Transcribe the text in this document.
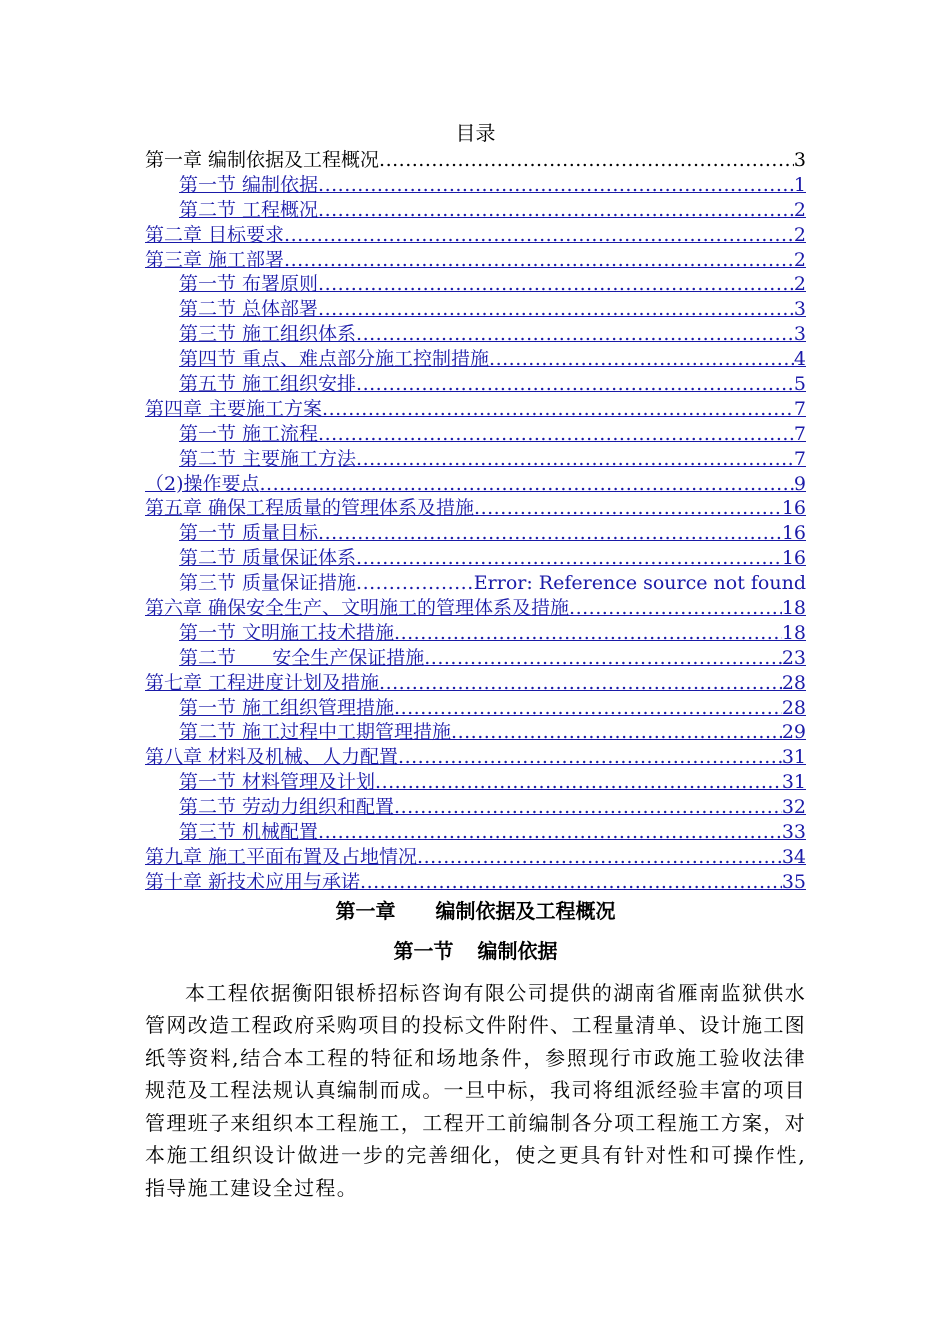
目录
第一章 编制依据及工程概况 .....	3
第一节 编制依据 .....	1
第二节 工程概况 .....	2
第二章 目标要求 .....	2
第三章 施工部署 .....	2
第一节 布署原则 .....	2
第二节 总体部署 .....	3
第三节 施工组织体系 .....	3
第四节 重点、难点部分施工控制措施 .....	4
第五节 施工组织安排 .....	5
第四章 主要施工方案 .....	7
第一节 施工流程 .....	7
第二节 主要施工方法 .....	7
（2)操作要点 .....	9
第五章 确保工程质量的管理体系及措施 .....	16
第一节 质量目标 .....	16
第二节 质量保证体系 .....	16
第三节 质量保证措施 .....	Error: Reference source not found
第六章 确保安全生产、文明施工的管理体系及措施 .....	18
第一节 文明施工技术措施 .....	18
第二节      安全生产保证措施 .....	23
第七章 工程进度计划及措施 .....	28
第一节 施工组织管理措施 .....	28
第二节 施工过程中工期管理措施 .....	29
第八章 材料及机械、人力配置 .....	31
第一节 材料管理及计划 .....	31
第二节 劳动力组织和配置 .....	32
第三节 机械配置 .....	33
第九章 施工平面布置及占地情况 .....	34
第十章 新技术应用与承诺 .....	35
第一章 编制依据及工程概况
第一节 编制依据

本工程依据衡阳银桥招标咨询有限公司提供的湖南省雁南监狱供水管网改造工程政府采购项目的投标文件附件、工程量清单、设计施工图纸等资料,结合本工程的特征和场地条件，参照现行市政施工验收法律规范及工程法规认真编制而成。一旦中标，我司将组派经验丰富的项目管理班子来组织本工程施工，工程开工前编制各分项工程施工方案，对本施工组织设计做进一步的完善细化，使之更具有针对性和可操作性,指导施工建设全过程。
